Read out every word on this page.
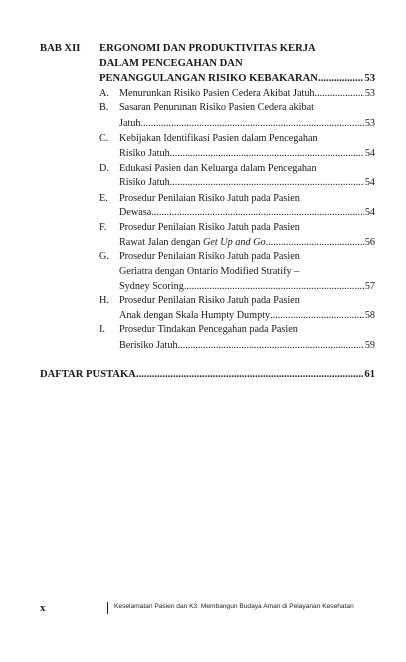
BAB XII ERGONOMI DAN PRODUKTIVITAS KERJA
DALAM PENCEGAHAN DAN
PENANGGULANGAN RISIKO KEBAKARAN .....	53
A. Menurunkan Risiko Pasien Cedera Akibat Jatuh .....	53
B. Sasaran Penurunan Risiko Pasien Cedera akibat
Jatuh .....	53
C. Kebijakan Identifikasi Pasien dalam Pencegahan
Risiko Jatuh .....	54
D. Edukasi Pasien dan Keluarga dalam Pencegahan
Risiko Jatuh .....	54
E. Prosedur Penilaian Risiko Jatuh pada Pasien
Dewasa .....	54
F. Prosedur Penilaian Risiko Jatuh pada Pasien
Rawat Jalan dengan Get Up and Go .....	56
G. Prosedur Penilaian Risiko Jatuh pada Pasien
Geriatra dengan Ontario Modified Stratify –
Sydney Scoring .....	57
H. Prosedur Penilaian Risiko Jatuh pada Pasien
Anak dengan Skala Humpty Dumpty .....	58
I. Prosedur Tindakan Pencegahan pada Pasien
Berisiko Jatuh .....	59
DAFTAR PUSTAKA .....	61
x	Keselamatan Pasien dan K3: Membangun Budaya Aman di Pelayanan Kesehatan
